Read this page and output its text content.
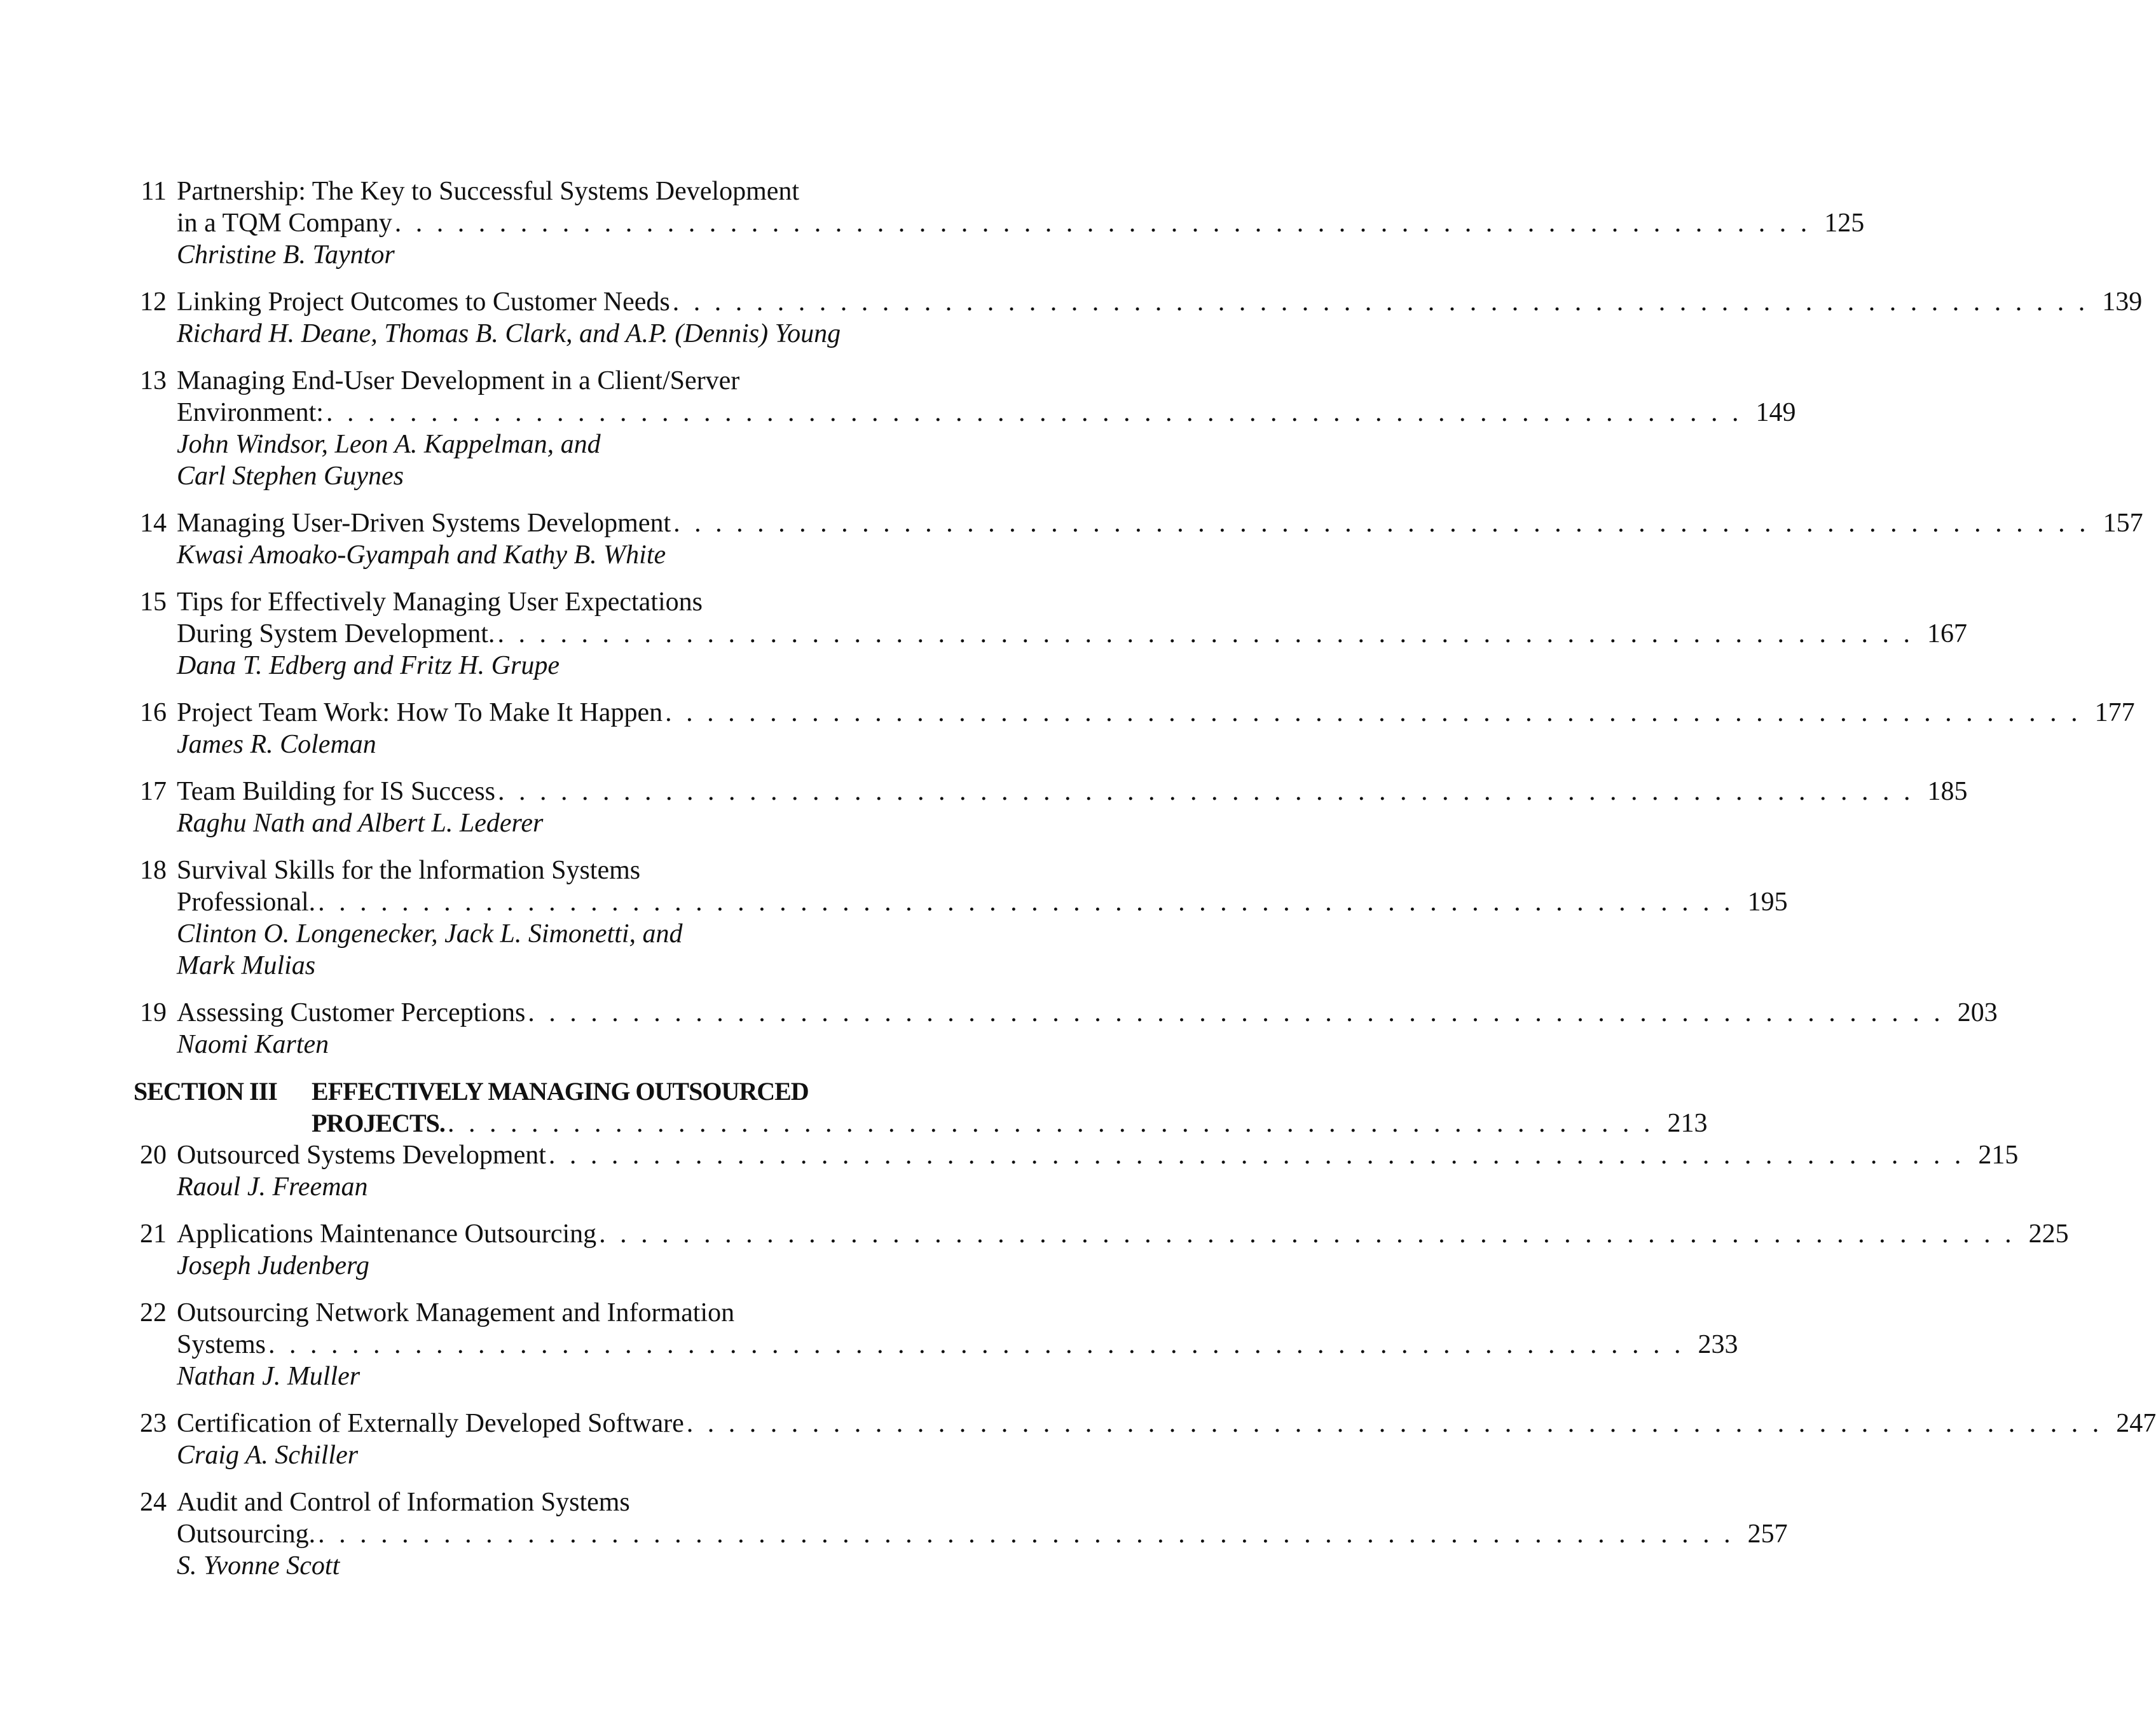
11 Partnership: The Key to Successful Systems Development
in a TQM Company . . . . . . . . . . . . . . . . . . . . . . . . . . . . . . . . . . . . . . . . . . . . . . . . . . . . . . . . . . . . . . . . . . . . 125
Christine B. Tayntor
12 Linking Project Outcomes to Customer Needs . . . . . . . . . . . . . . . . . . . . . . . . . . . . . . . . . . . . . . . . . . . . . . . . . . . . . . . . . . . . . . . . . . . . 139
Richard H. Deane, Thomas B. Clark, and A.P. (Dennis) Young
13 Managing End-User Development in a Client/Server
Environment: . . . . . . . . . . . . . . . . . . . . . . . . . . . . . . . . . . . . . . . . . . . . . . . . . . . . . . . . . . . . . . . . . . . . 149
John Windsor, Leon A. Kappelman, and
Carl Stephen Guynes
14 Managing User-Driven Systems Development . . . . . . . . . . . . . . . . . . . . . . . . . . . . . . . . . . . . . . . . . . . . . . . . . . . . . . . . . . . . . . . . . . . . 157
Kwasi Amoako-Gyampah and Kathy B. White
15 Tips for Effectively Managing User Expectations
During System Development. . . . . . . . . . . . . . . . . . . . . . . . . . . . . . . . . . . . . . . . . . . . . . . . . . . . . . . . . . . . . . . . . . . . . 167
Dana T. Edberg and Fritz H. Grupe
16 Project Team Work: How To Make It Happen . . . . . . . . . . . . . . . . . . . . . . . . . . . . . . . . . . . . . . . . . . . . . . . . . . . . . . . . . . . . . . . . . . . . 177
James R. Coleman
17 Team Building for IS Success . . . . . . . . . . . . . . . . . . . . . . . . . . . . . . . . . . . . . . . . . . . . . . . . . . . . . . . . . . . . . . . . . . . . 185
Raghu Nath and Albert L. Lederer
18 Survival Skills for the lnformation Systems
Professional. . . . . . . . . . . . . . . . . . . . . . . . . . . . . . . . . . . . . . . . . . . . . . . . . . . . . . . . . . . . . . . . . . . . . 195
Clinton O. Longenecker, Jack L. Simonetti, and
Mark Mulias
19 Assessing Customer Perceptions . . . . . . . . . . . . . . . . . . . . . . . . . . . . . . . . . . . . . . . . . . . . . . . . . . . . . . . . . . . . . . . . . . . . 203
Naomi Karten
SECTION III EFFECTIVELY MANAGING OUTSOURCED
PROJECTS. . . . . . . . . . . . . . . . . . . . . . . . . . . . . . . . . . . . . . . . . . . . . . . . . . . . . . . . . . . 213
20 Outsourced Systems Development . . . . . . . . . . . . . . . . . . . . . . . . . . . . . . . . . . . . . . . . . . . . . . . . . . . . . . . . . . . . . . . . . . . . 215
Raoul J. Freeman
21 Applications Maintenance Outsourcing . . . . . . . . . . . . . . . . . . . . . . . . . . . . . . . . . . . . . . . . . . . . . . . . . . . . . . . . . . . . . . . . . . . . 225
Joseph Judenberg
22 Outsourcing Network Management and Information
Systems . . . . . . . . . . . . . . . . . . . . . . . . . . . . . . . . . . . . . . . . . . . . . . . . . . . . . . . . . . . . . . . . . . . . 233
Nathan J. Muller
23 Certification of Externally Developed Software . . . . . . . . . . . . . . . . . . . . . . . . . . . . . . . . . . . . . . . . . . . . . . . . . . . . . . . . . . . . . . . . . . . . 247
Craig A. Schiller
24 Audit and Control of Information Systems
Outsourcing. . . . . . . . . . . . . . . . . . . . . . . . . . . . . . . . . . . . . . . . . . . . . . . . . . . . . . . . . . . . . . . . . . . . . 257
S. Yvonne Scott
